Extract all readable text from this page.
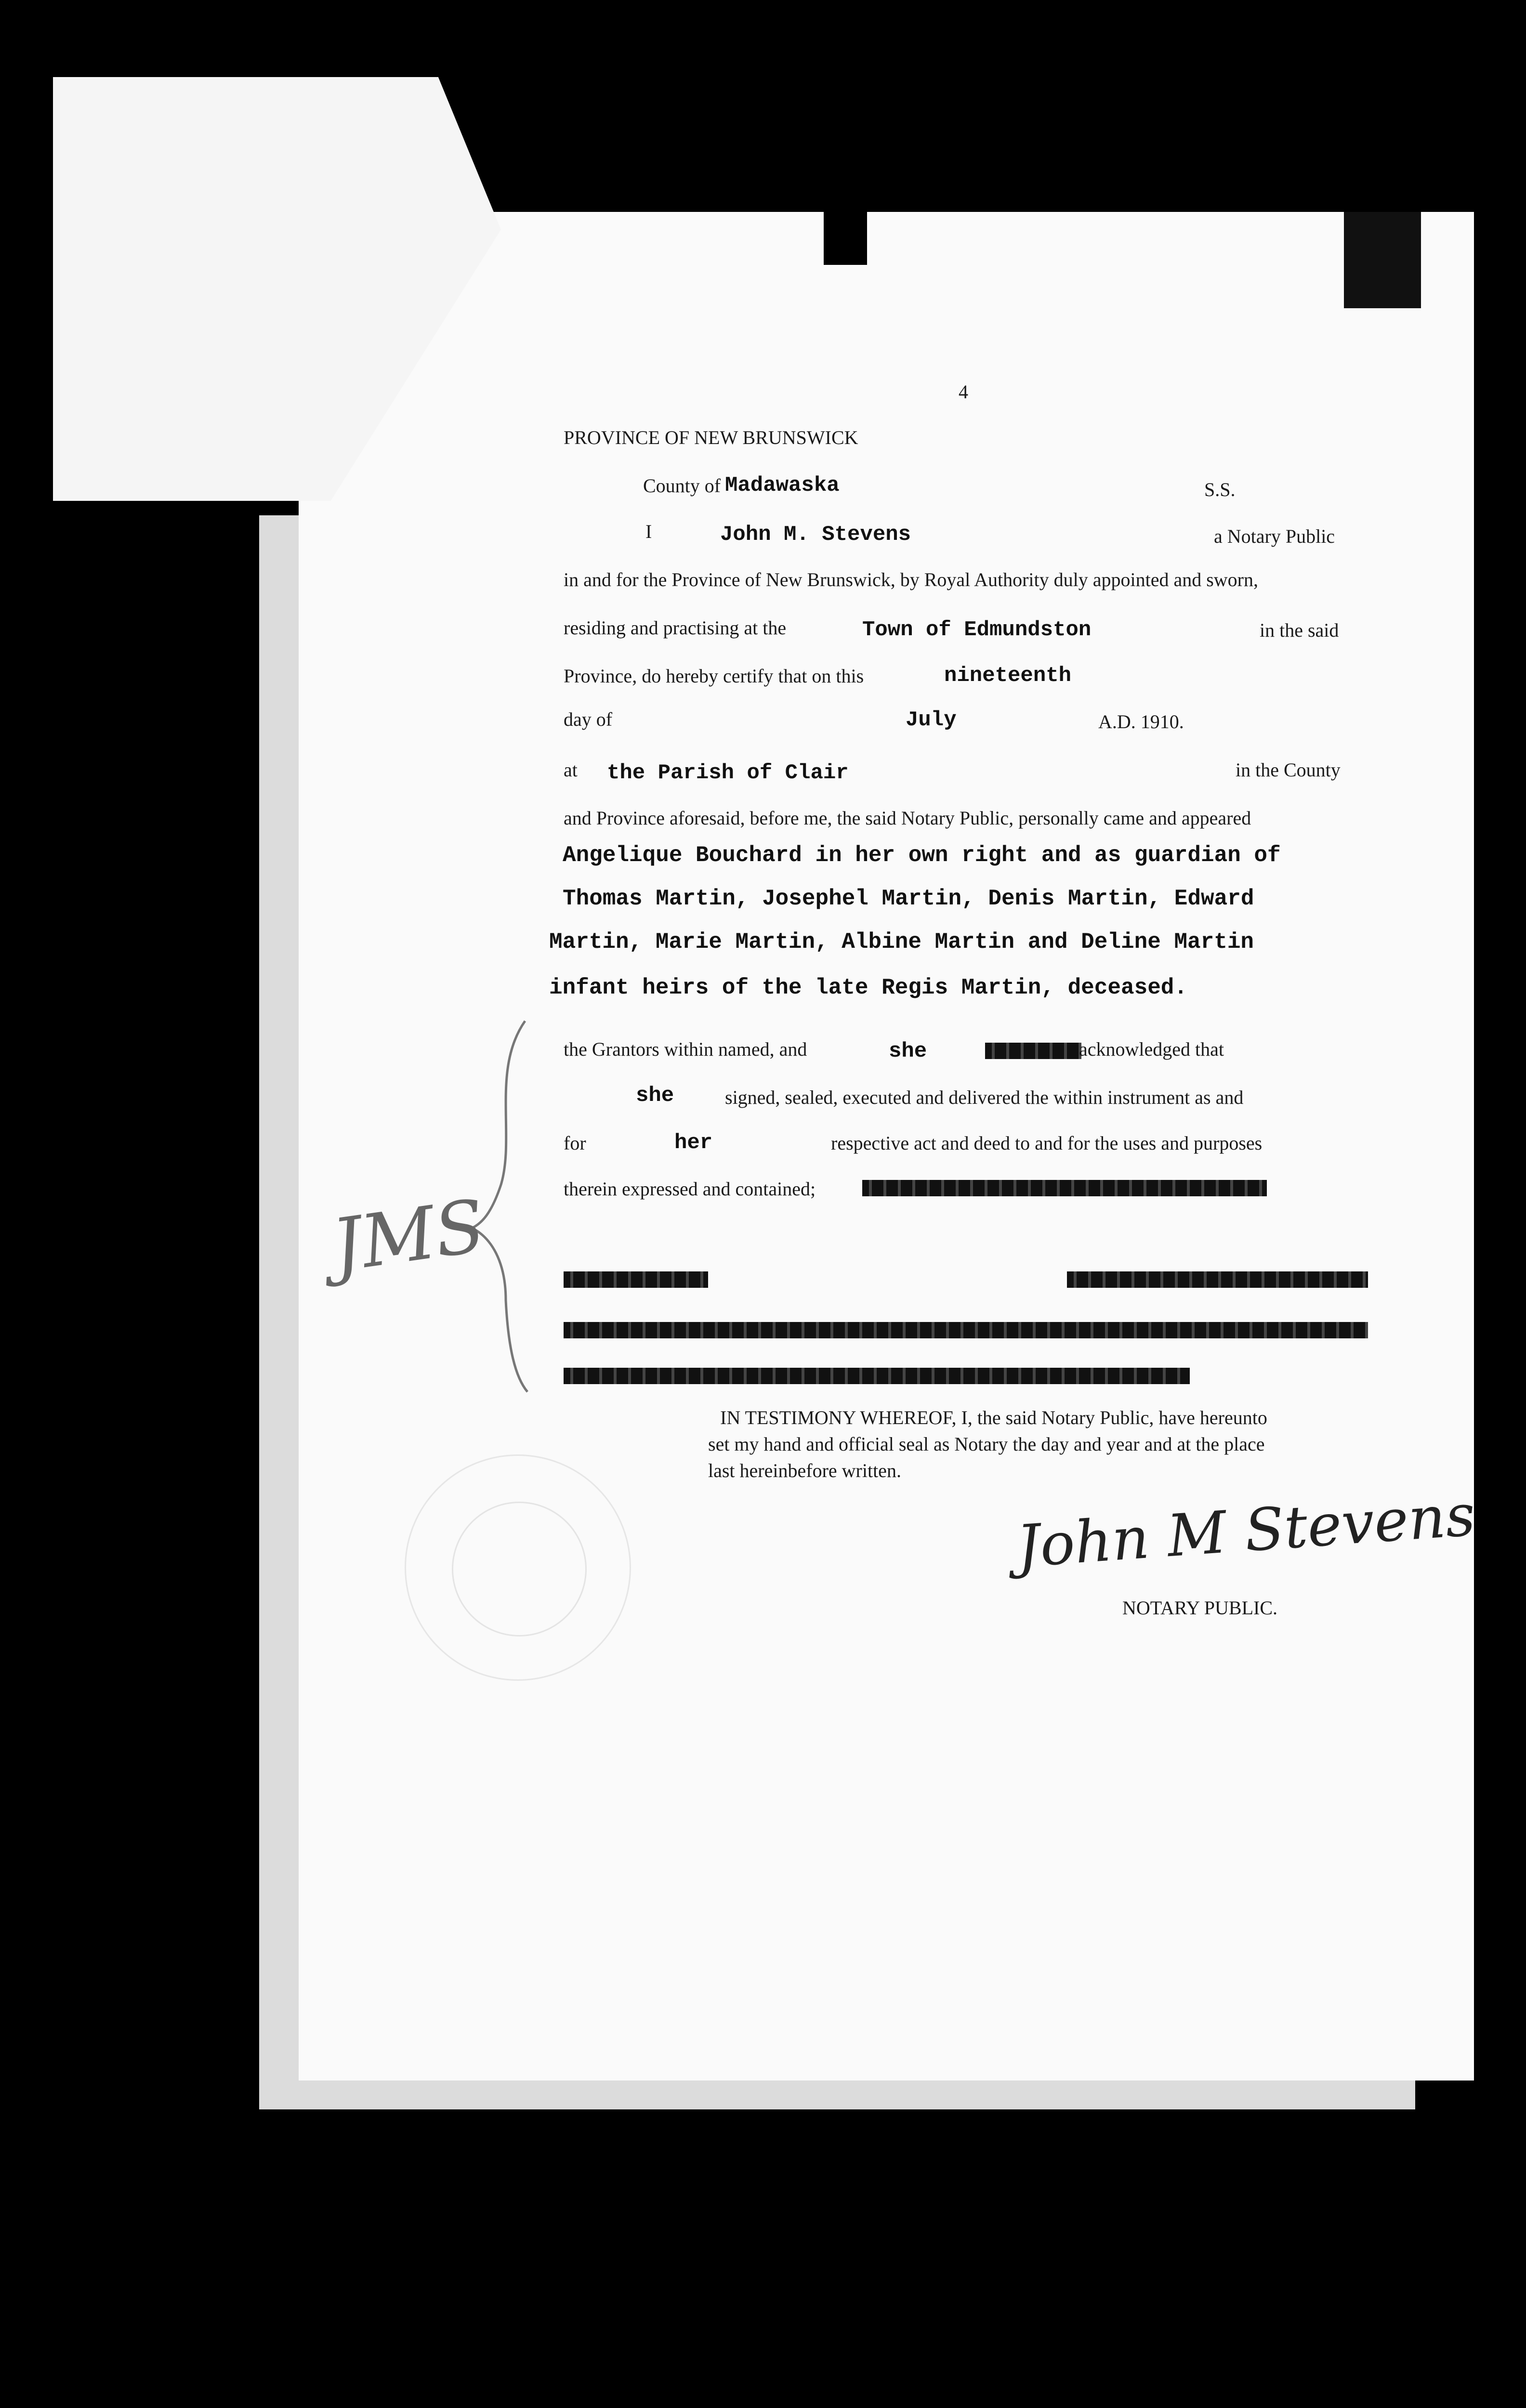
4
PROVINCE OF NEW BRUNSWICK
County of Madawaska	S.S.
I	John M. Stevens	a Notary Public
in and for the Province of New Brunswick, by Royal Authority duly appointed and sworn,
residing and practising at the	Town of Edmundston	in the said
Province, do hereby certify that on this	nineteenth
day of	July	A.D. 1910.
at the Parish of Clair	in the County
and Province aforesaid, before me, the said Notary Public, personally came and appeared
Angelique Bouchard in her own right and as guardian of
Thomas Martin, Josephel Martin, Denis Martin, Edward
Martin, Marie Martin, Albine Martin and Deline Martin
infant heirs of the late Regis Martin, deceased.
the Grantors within named, and	she	acknowledged that
she	signed, sealed, executed and delivered the within instrument as and
for	her	respective act and deed to and for the uses and purposes
therein expressed and contained;
JMS
IN TESTIMONY WHEREOF, I, the said Notary Public, have hereunto
set my hand and official seal as Notary the day and year and at the place
last hereinbefore written.
John M Stevens
NOTARY PUBLIC.
